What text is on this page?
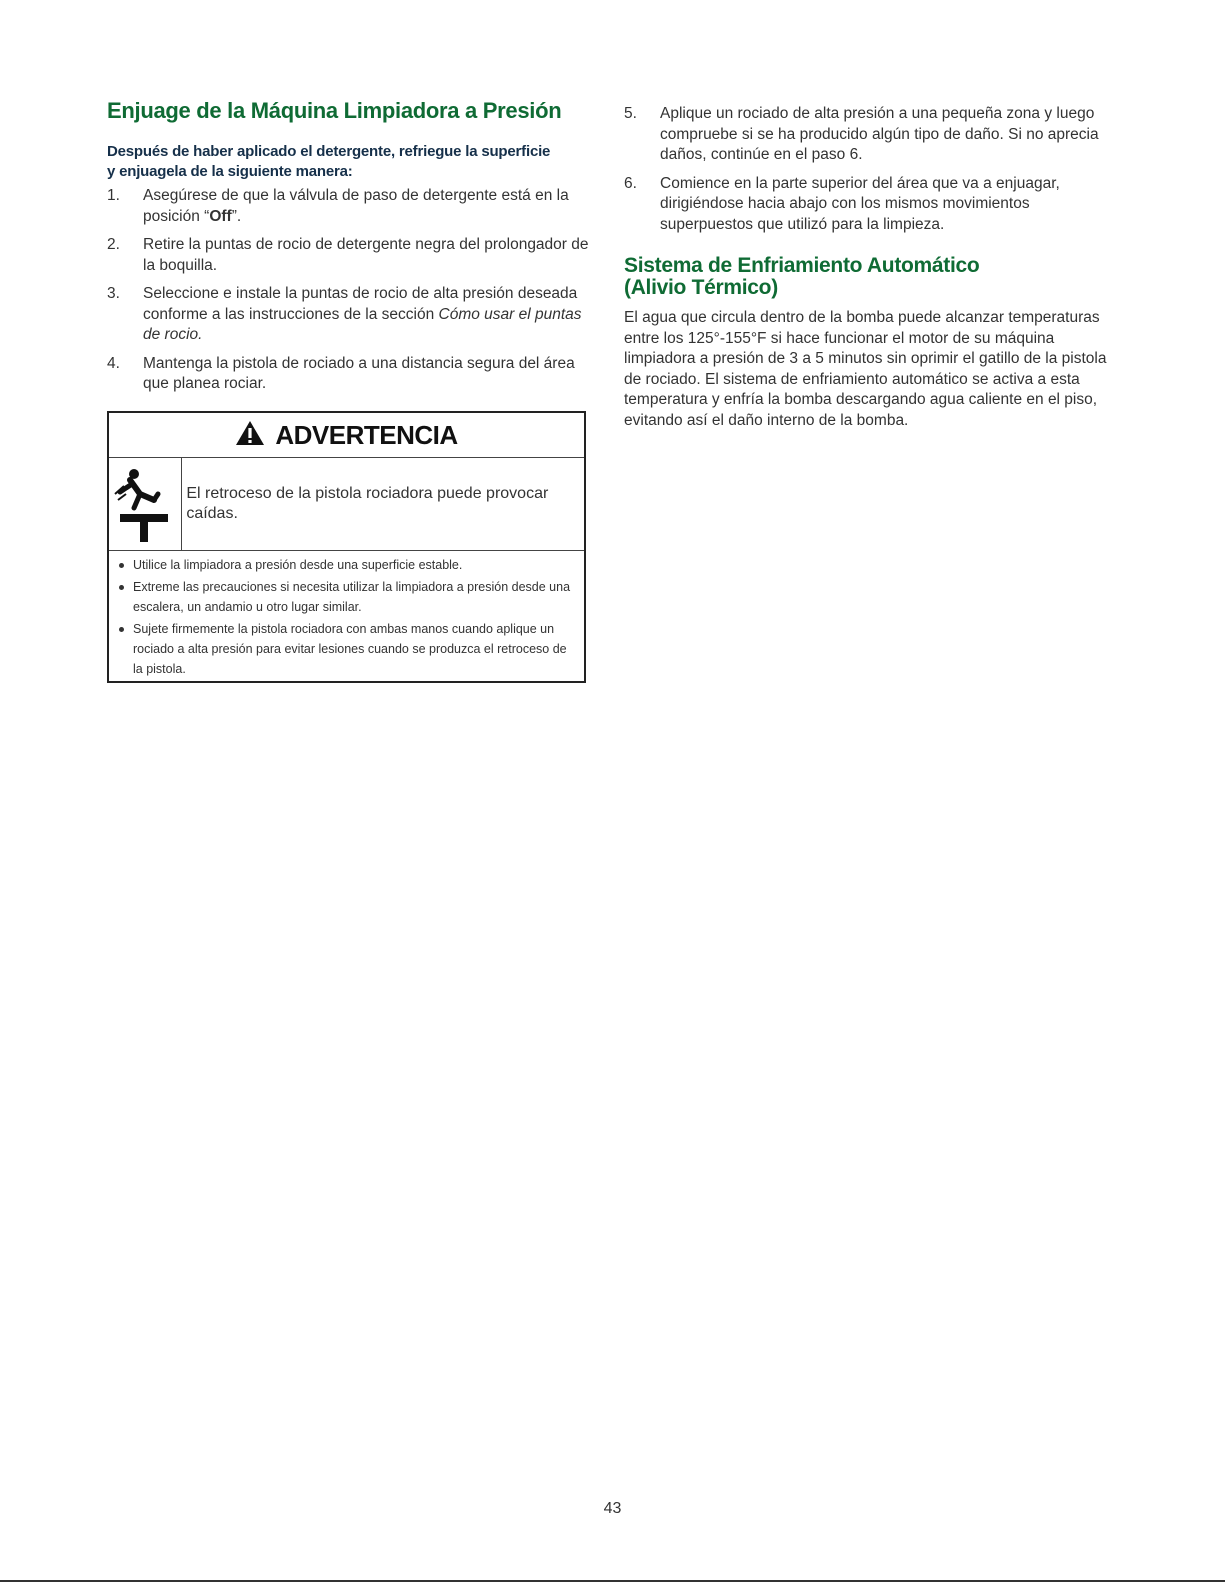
Enjuage de la Máquina Limpiadora a Presión

Después de haber aplicado el detergente, refriegue la superficie
y enjuagela de la siguiente manera:

1. Asegúrese de que la válvula de paso de detergente está en la posición “Off”.
2. Retire la puntas de rocio de detergente negra del prolongador de la boquilla.
3. Seleccione e instale la puntas de rocio de alta presión deseada conforme a las instrucciones de la sección Cómo usar el puntas de rocio.
4. Mantenga la pistola de rociado a una distancia segura del área que planea rociar.
ADVERTENCIA
El retroceso de la pistola rociadora puede provocar caídas.
Utilice la limpiadora a presión desde una superficie estable.
Extreme las precauciones si necesita utilizar la limpiadora a presión desde una escalera, un andamio u otro lugar similar.
Sujete firmemente la pistola rociadora con ambas manos cuando aplique un rociado a alta presión para evitar lesiones cuando se produzca el retroceso de la pistola.
5. Aplique un rociado de alta presión a una pequeña zona y luego compruebe si se ha producido algún tipo de daño. Si no aprecia daños, continúe en el paso 6.
6. Comience en la parte superior del área que va a enjuagar, dirigiéndose hacia abajo con los mismos movimientos superpuestos que utilizó para la limpieza.
Sistema de Enfriamiento Automático
(Alivio Térmico)

El agua que circula dentro de la bomba puede alcanzar temperaturas entre los 125°-155°F si hace funcionar el motor de su máquina limpiadora a presión de 3 a 5 minutos sin oprimir el gatillo de la pistola de rociado. El sistema de enfriamiento automático se activa a esta temperatura y enfría la bomba descargando agua caliente en el piso, evitando así el daño interno de la bomba.

43
